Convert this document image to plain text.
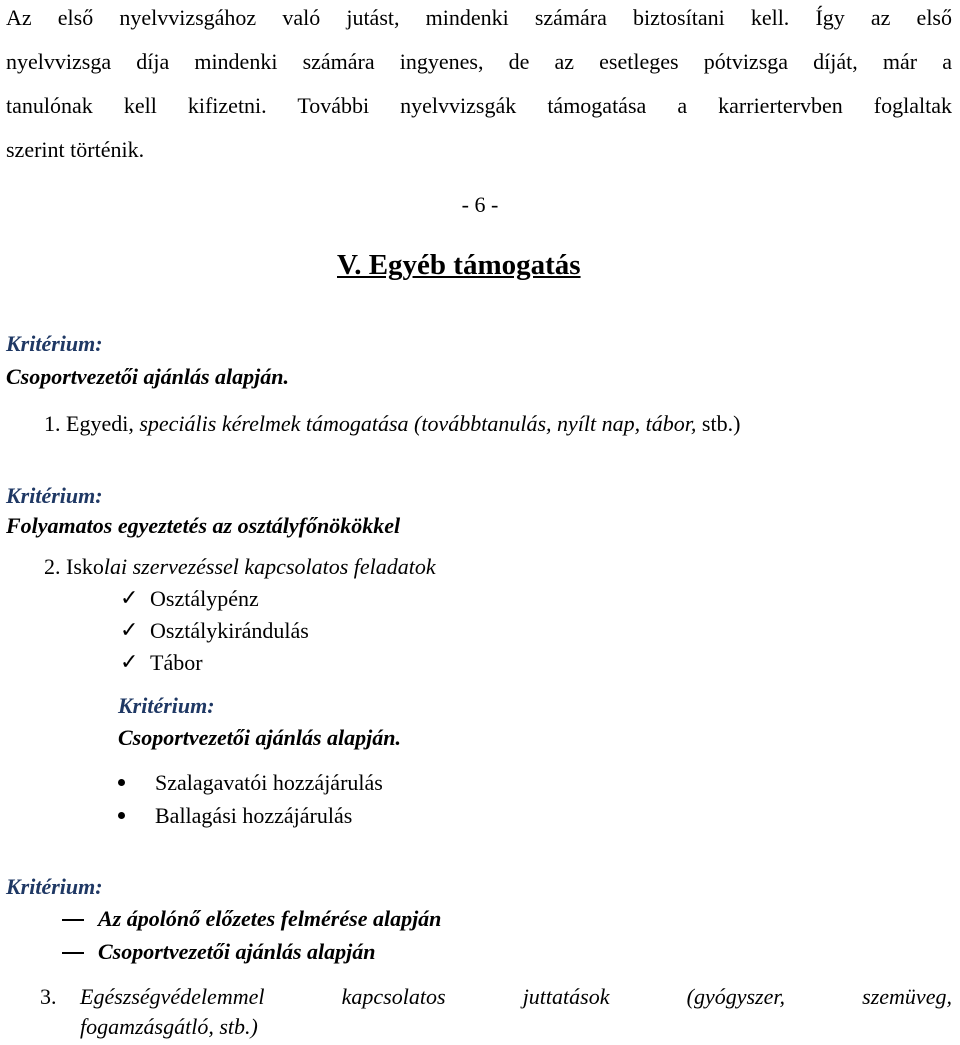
Az első nyelvvizsgához való jutást, mindenki számára biztosítani kell. Így az első
nyelvvizsga díja mindenki számára ingyenes, de az esetleges pótvizsga díját, már a
tanulónak kell kifizetni. További nyelvvizsgák támogatása a karriertervben foglaltak
szerint történik.
- 6 -
V. Egyéb támogatás
Kritérium:
Csoportvezetői ajánlás alapján.
1. Egyedi, speciális kérelmek támogatása (továbbtanulás, nyílt nap, tábor, stb.)
Kritérium:
Folyamatos egyeztetés az osztályfőnökökkel
2. Iskolai szervezéssel kapcsolatos feladatok
✓ Osztálypénz
✓ Osztálykirándulás
✓ Tábor
Kritérium:
Csoportvezetői ajánlás alapján.
Szalagavatói hozzájárulás
Ballagási hozzájárulás
Kritérium:
Az ápolónő előzetes felmérése alapján
Csoportvezetői ajánlás alapján
3. Egészségvédelemmel	kapcsolatos	juttatások	(gyógyszer,	szemüveg,
fogamzásgátló, stb.)
